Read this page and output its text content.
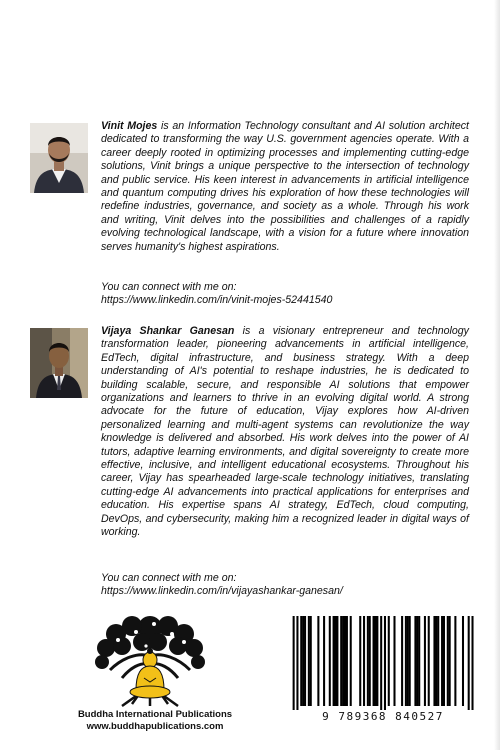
Vinit Mojes is an Information Technology consultant and AI solution architect dedicated to transforming the way U.S. government agencies operate. With a career deeply rooted in optimizing processes and implementing cutting-edge solutions, Vinit brings a unique perspective to the intersection of technology and public service. His keen interest in advancements in artificial intelligence and quantum computing drives his exploration of how these technologies will redefine industries, governance, and society as a whole. Through his work and writing, Vinit delves into the possibilities and challenges of a rapidly evolving technological landscape, with a vision for a future where innovation serves humanity's highest aspirations.

You can connect with me on:

https://www.linkedin.com/in/vinit-mojes-52441540

Vijaya Shankar Ganesan is a visionary entrepreneur and technology transformation leader, pioneering advancements in artificial intelligence, EdTech, digital infrastructure, and business strategy. With a deep understanding of AI's potential to reshape industries, he is dedicated to building scalable, secure, and responsible AI solutions that empower organizations and learners to thrive in an evolving digital world. A strong advocate for the future of education, Vijay explores how AI-driven personalized learning and multi-agent systems can revolutionize the way knowledge is delivered and absorbed. His work delves into the power of AI tutors, adaptive learning environments, and digital sovereignty to create more effective, inclusive, and intelligent educational ecosystems. Throughout his career, Vijay has spearheaded large-scale technology initiatives, translating cutting-edge AI advancements into practical applications for enterprises and education. His expertise spans AI strategy, EdTech, cloud computing, DevOps, and cybersecurity, making him a recognized leader in digital ways of working.

You can connect with me on:

https://www.linkedin.com/in/vijayashankar-ganesan/

Buddha International Publications
www.buddhapublications.com
9 789368 840527
